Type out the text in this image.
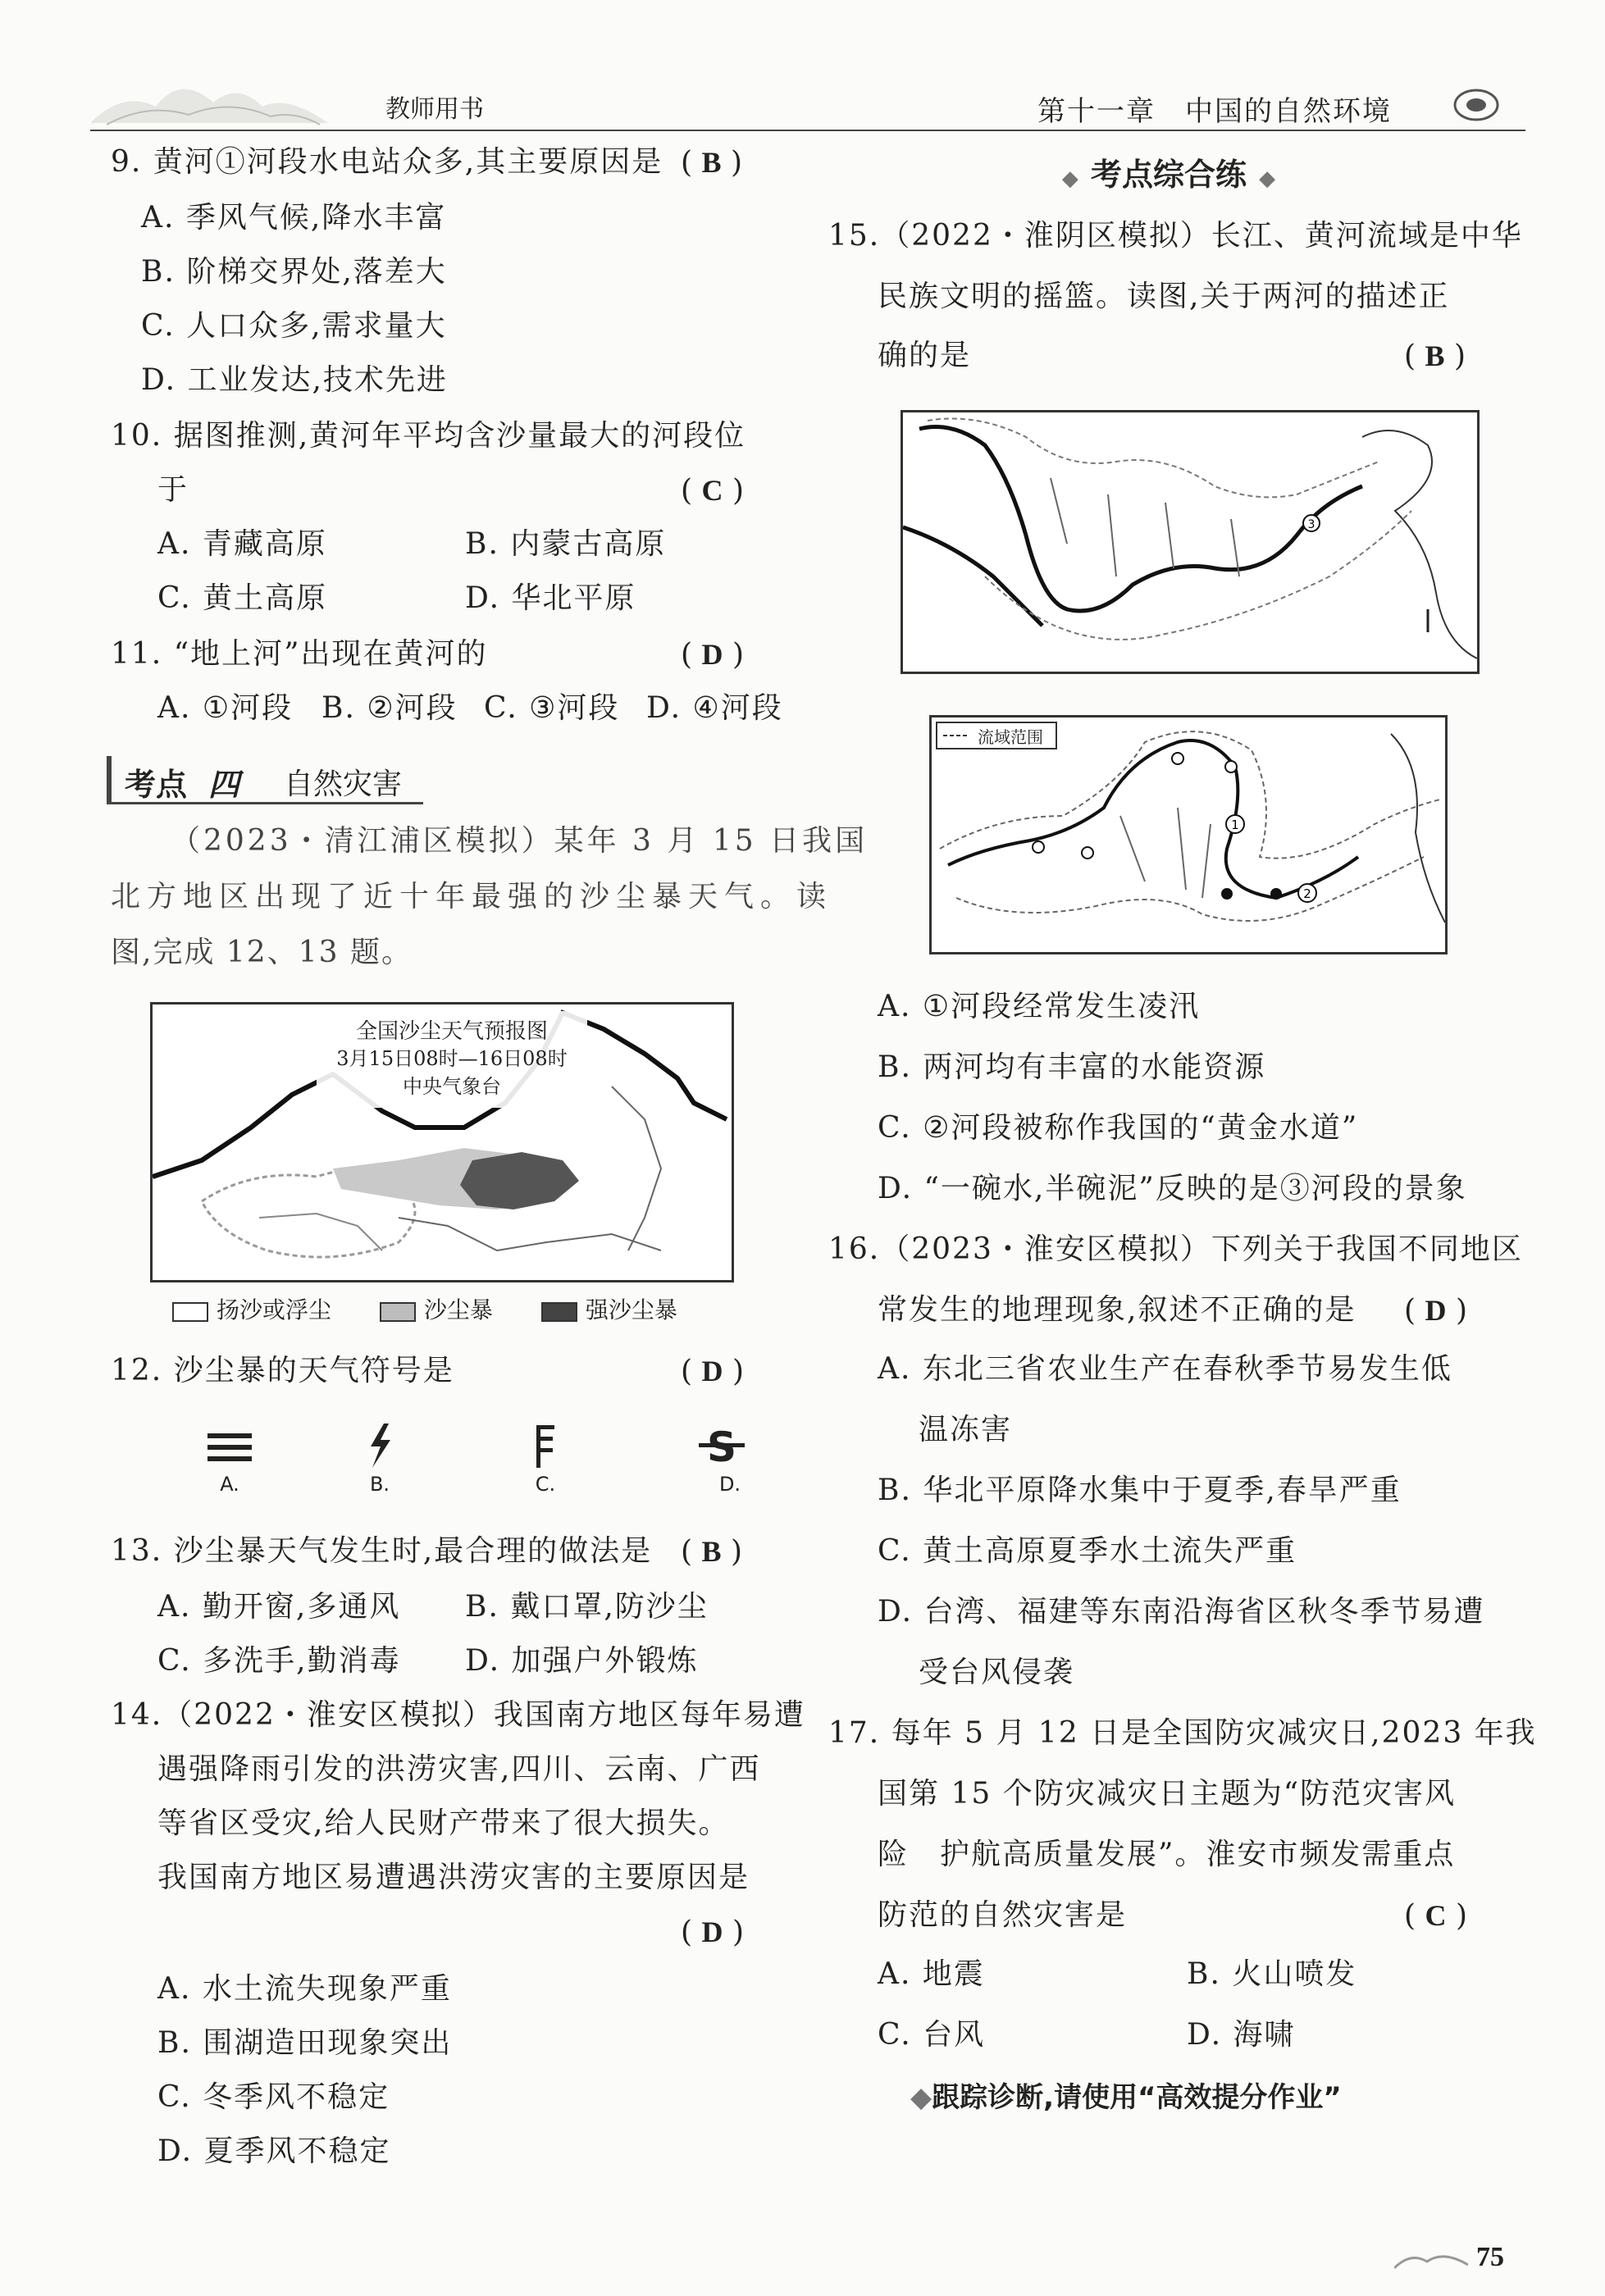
教师用书	第十一章　中国的自然环境
9. 黄河①河段水电站众多,其主要原因是 ( B )
A. 季风气候,降水丰富
B. 阶梯交界处,落差大
C. 人口众多,需求量大
D. 工业发达,技术先进
10. 据图推测,黄河年平均含沙量最大的河段位
于	( C )
A. 青藏高原	B. 内蒙古高原
C. 黄土高原	D. 华北平原
11. “地上河”出现在黄河的	( D )
A. ①河段 B. ②河段 C. ③河段 D. ④河段
考点 四 自然灾害
（2023・清江浦区模拟）某年 3 月 15 日我国
北方地区出现了近十年最强的沙尘暴天气。读
图,完成 12、13 题。
全国沙尘天气预报图
3月15日08时—16日08时
中央气象台
扬沙或浮尘	沙尘暴	强沙尘暴
12. 沙尘暴的天气符号是	( D )
A.	B.	C.	D.
13. 沙尘暴天气发生时,最合理的做法是 ( B )
A. 勤开窗,多通风 B. 戴口罩,防沙尘
C. 多洗手,勤消毒 D. 加强户外锻炼
14.（2022・淮安区模拟）我国南方地区每年易遭
遇强降雨引发的洪涝灾害,四川、云南、广西
等省区受灾,给人民财产带来了很大损失。
我国南方地区易遭遇洪涝灾害的主要原因是
( D )
A. 水土流失现象严重
B. 围湖造田现象突出
C. 冬季风不稳定
D. 夏季风不稳定
◆ 考点综合练 ◆
15.（2022・淮阴区模拟）长江、黄河流域是中华
民族文明的摇篮。读图,关于两河的描述正
确的是	( B )
3
1
2
流域范围
A. ①河段经常发生凌汛
B. 两河均有丰富的水能资源
C. ②河段被称作我国的“黄金水道”
D. “一碗水,半碗泥”反映的是③河段的景象
16.（2023・淮安区模拟）下列关于我国不同地区
常发生的地理现象,叙述不正确的是 ( D )
A. 东北三省农业生产在春秋季节易发生低
温冻害
B. 华北平原降水集中于夏季,春旱严重
C. 黄土高原夏季水土流失严重
D. 台湾、福建等东南沿海省区秋冬季节易遭
受台风侵袭
17. 每年 5 月 12 日是全国防灾减灾日,2023 年我
国第 15 个防灾减灾日主题为“防范灾害风
险　护航高质量发展”。淮安市频发需重点
防范的自然灾害是	( C )
A. 地震	B. 火山喷发
C. 台风	D. 海啸
◆跟踪诊断,请使用“高效提分作业”
75
